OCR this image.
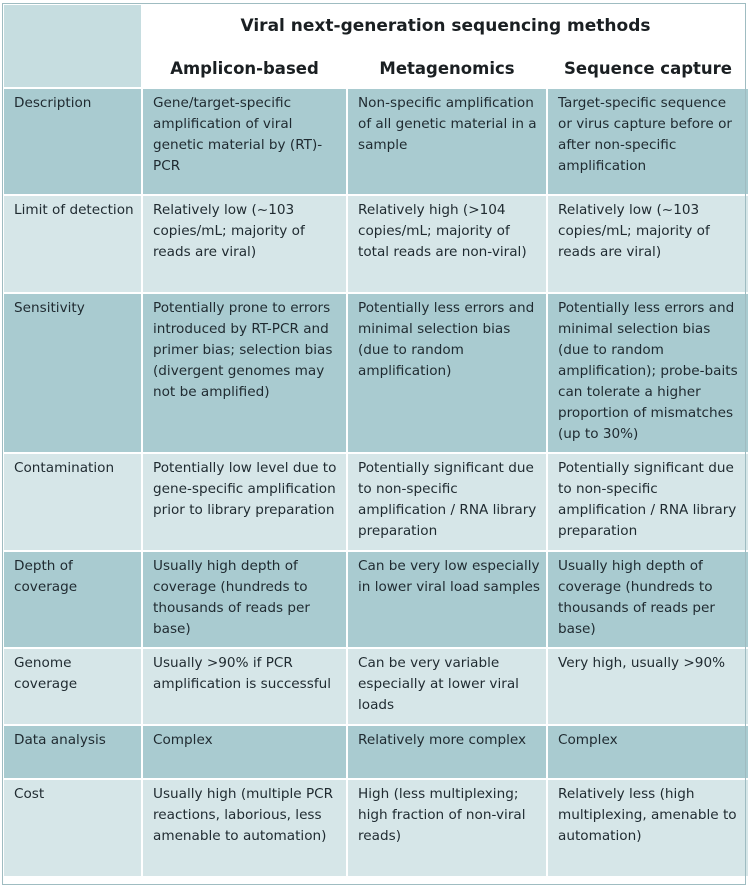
	Viral next-generation sequencing methods		
	Amplicon-based	Metagenomics	Sequence capture
Description	Gene/target-specific amplification of viral genetic material by (RT)-PCR	Non-specific amplification of all genetic material in a sample	Target-specific sequence or virus capture before or after non-specific amplification
Limit of detection	Relatively low (~103 copies/mL; majority of reads are viral)	Relatively high (>104 copies/mL; majority of total reads are non-viral)	Relatively low (~103 copies/mL; majority of reads are viral)
Sensitivity	Potentially prone to errors introduced by RT-PCR and primer bias; selection bias (divergent genomes may not be amplified)	Potentially less errors and minimal selection bias (due to random amplification)	Potentially less errors and minimal selection bias (due to random amplification); probe-baits can tolerate a higher proportion of mismatches (up to 30%)
Contamination	Potentially low level due to gene-specific amplification prior to library preparation	Potentially significant due to non-specific amplification / RNA library preparation	Potentially significant due to non-specific amplification / RNA library preparation
Depth of coverage	Usually high depth of coverage (hundreds to thousands of reads per base)	Can be very low especially in lower viral load samples	Usually high depth of coverage (hundreds to thousands of reads per base)
Genome coverage	Usually >90% if PCR amplification is successful	Can be very variable especially at lower viral loads	Very high, usually >90%
Data analysis	Complex	Relatively more complex	Complex
Cost	Usually high (multiple PCR reactions, laborious, less amenable to automation)	High (less multiplexing; high fraction of non-viral reads)	Relatively less (high multiplexing, amenable to automation)
